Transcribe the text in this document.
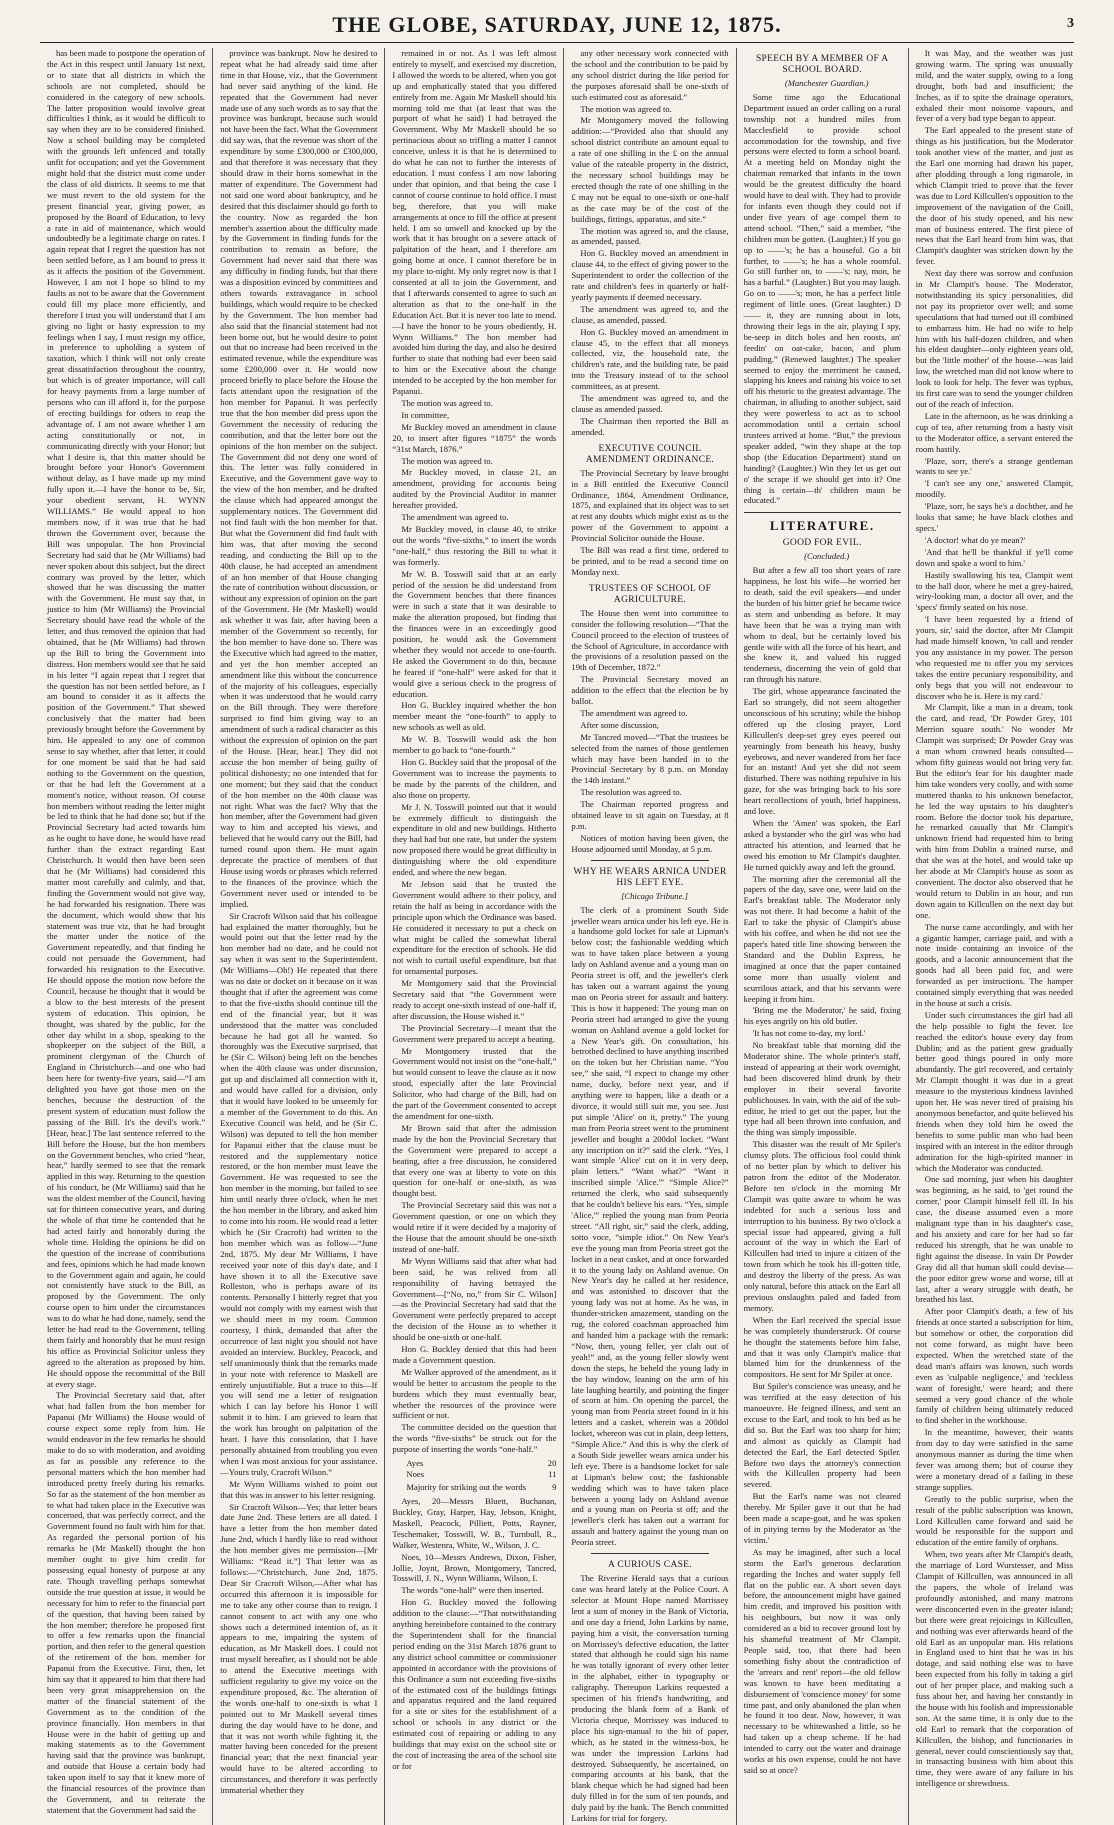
THE GLOBE, SATURDAY, JUNE 12, 1875.	3

has been made to postpone the operation of the Act in this respect until January 1st next, or to state that all districts in which the schools are not completed, should be considered in the category of new schools. The latter proposition would involve great difficulties I think, as it would be difficult to say when they are to be considered finished. Now a school building may be completed with the grounds left unfenced and totally unfit for occupation; and yet the Government might hold that the district must come under the class of old districts. It seems to me that we must revert to the old system for the present financial year, giving power, as proposed by the Board of Education, to levy a rate in aid of maintenance, which would undoubtedly be a legitimate charge on rates. I again repeat that I regret the question has not been settled before, as I am bound to press it as it affects the position of the Government. However, I am not I hope so blind to my faults as not to be aware that the Government could fill my place more efficiently, and therefore I trust you will understand that I am giving no light or hasty expression to my feelings when I say, I must resign my office, in preference to upholding a system of taxation, which I think will not only create great dissatisfaction throughout the country, but which is of greater importance, will call for heavy payments from a large number of persons who can ill afford it, for the purpose of erecting buildings for others to reap the advantage of. I am not aware whether I am acting constitutionally or not, in communicating directly with your Honor; but what I desire is, that this matter should be brought before your Honor's Government without delay, as I have made up my mind fully upon it.—I have the honor to be, Sir, your obedient servant, H. WYNN WILLIAMS.” He would appeal to hon members now, if it was true that he had thrown the Government over, because the Bill was unpopular. The hon Provincial Secretary had said that he (Mr Williams) had never spoken about this subject, but the direct contrary was proved by the letter, which showed that he was discussing the matter with the Government. He must say that, in justice to him (Mr Williams) the Provincial Secretary should have read the whole of the letter, and thus removed the opinion that had obtained, that he (Mr Williams) had thrown up the Bill to bring the Government into distress. Hon members would see that he said in his letter “I again repeat that I regret that the question has not been settled before, as I am bound to consider it as it affects the position of the Government.” That shewed conclusively that the matter had been previously brought before the Government by him. He appealed to any one of common sense to say whether, after that letter, it could for one moment be said that he had said nothing to the Government on the question, or that he had left the Government at a moment's notice, without reason. Of course hon members without reading the letter might be led to think that he had done so; but if the Provincial Secretary had acted towards him as he ought to have done, he would have read further than the extract regarding East Christchurch. It would then have been seen that he (Mr Williams) had considered this matter most carefully and calmly, and that, finding the Government would not give way, he had forwarded his resignation. There was the document, which would show that his statement was true viz, that he had brought the matter under the notice of the Government repeatedly, and that finding he could not persuade the Government, had forwarded his resignation to the Executive. He should oppose the motion now before the Council, because he thought that it would be a blow to the best interests of the present system of education. This opinion, he thought, was shared by the public, for the other day whilst in a shop, speaking to the shopkeeper on the subject of the Bill, a prominent clergyman of the Church of England in Christchurch—and one who had been here for twenty-five years, said—“I am delighted you have got those men on the benches, because the destruction of the present system of education must follow the passing of the Bill. It's the devil's work.” [Hear, hear.] The last sentence referred to the Bill before the House, but the hon members on the Government benches, who cried “hear, hear,” hardly seemed to see that the remark applied in this way. Returning to the question of his conduct, he (Mr Williams) said that he was the oldest member of the Council, having sat for thirteen consecutive years, and during the whole of that time he contended that he had acted fairly and honorably during the whole time. Holding the opinions he did on the question of the increase of contributions and fees, opinions which he had made known to the Government again and again, he could not consistently have stuck to the Bill, as proposed by the Government. The only course open to him under the circumstances was to do what he had done, namely, send the letter he had read to the Government, telling them fairly and honorably that he must resign his office as Provincial Solicitor unless they agreed to the alteration as proposed by him. He should oppose the recommittal of the Bill at every stage.

The Provincial Secretary said that, after what had fallen from the hon member for Papanui (Mr Williams) the House would of course expect some reply from him. He would endeavor in the few remarks he should make to do so with moderation, and avoiding as far as possible any reference to the personal matters which the hon member had introduced pretty freely during his remarks. So far as the statement of the hon member as to what had taken place in the Executive was concerned, that was perfectly correct, and the Government found no fault with him for that. As regarded the personal portion of his remarks he (Mr Maskell) thought the hon member ought to give him credit for possessing equal honesty of purpose at any rate. Though travelling perhaps somewhat outside the true question at issue, it would be necessary for him to refer to the financial part of the question, that having been raised by the hon member; therefore he proposed first to offer a few remarks upon the financial portion, and then refer to the general question of the retirement of the hon. member for Papanui from the Executive. First, then, let him say that it appeared to him that there had been very great misapprehension on the matter of the financial statement of the Government as to the condition of the province financially. Hon members in that House were in the habit of getting up and making statements as to the Government having said that the province was bankrupt, and outside that House a certain body had taken upon itself to say that it knew more of the financial resources of the province than the Government, and to reiterate the statement that the Government had said the

province was bankrupt. Now he desired to repeat what he had already said time after time in that House, viz., that the Government had never said anything of the kind. He repeated that the Government had never made use of any such words as to say that the province was bankrupt, because such would not have been the fact. What the Government did say was, that the revenue was short of the expenditure by some £300,000 or £300,000, and that therefore it was necessary that they should draw in their horns somewhat in the matter of expenditure. The Government had not said one word about bankruptcy, and he desired that this disclaimer should go forth to the country. Now as regarded the hon member's assertion about the difficulty made by the Government in finding funds for the contribution to remain as before, the Government had never said that there was any difficulty in finding funds, but that there was a disposition evinced by committees and others towards extravagance in school buildings, which would require to be checked by the Government. The hon member had also said that the financial statement had not been borne out, but he would desire to point out that no increase had been received in the estimated revenue, while the expenditure was some £200,000 over it. He would now proceed briefly to place before the House the facts attendant upon the resignation of the hon member for Papanui. It was perfectly true that the hon member did press upon the Government the necessity of reducing the contribution, and that the letter bore out the opinions of the hon member on the subject. The Government did not deny one word of this. The letter was fully considered in Executive, and the Government gave way to the view of the hon member, and he drafted the clause which had appeared amongst the supplementary notices. The Government did not find fault with the hon member for that. But what the Government did find fault with him was, that after moving the second reading, and conducting the Bill up to the 40th clause, he had accepted an amendment of an hon member of that House changing the rate of contribution without discussion, or without any expression of opinion on the part of the Government. He (Mr Maskell) would ask whether it was fair, after having been a member of the Government so recently, for the hon member to have done so. There was the Executive which had agreed to the matter, and yet the hon member accepted an amendment like this without the concurrence of the majority of his colleagues, especially when it was understood that he would carry on the Bill through. They were therefore surprised to find him giving way to an amendment of such a radical character as this without the expression of opinion on the part of the House. [Hear, hear.] They did not accuse the hon member of being guilty of political dishonesty; no one intended that for one moment; but they said that the conduct of the hon member on the 40th clause was not right. What was the fact? Why that the hon member, after the Government had given way to him and accepted his views, and believed that he would carry out the Bill, had turned round upon them. He must again deprecate the practice of members of that House using words or phrases which referred to the finances of the province which the Government never used or intended to be implied.

Sir Cracroft Wilson said that his colleague had explained the matter thoroughly, but he would point out that the letter read by the hon member had no date, and he could not say when it was sent to the Superintendent. (Mr Williams—Oh!) He repeated that there was no date or docket on it because on it was thought that if after the agreement was come to that the five-sixths should continue till the end of the financial year, but it was understood that the matter was concluded because he had got all he wanted. So thoroughly was the Executive surprised, that he (Sir C. Wilson) being left on the benches when the 40th clause was under discussion, got up and disclaimed all connection with it, and would have called for a division, only that it would have looked to be unseemly for a member of the Government to do this. An Executive Council was held, and he (Sir C. Wilson) was deputed to tell the hon member for Papanui either that the clause must be restored and the supplementary notice restored, or the hon member must leave the Government. He was requested to see the hon member in the morning, but failed to see him until nearly three o'clock, when he met the hon member in the library, and asked him to come into his room. He would read a letter which he (Sir Cracroft) had written to the hon member which was as follow—“June 2nd, 1875. My dear Mr Williams, I have received your note of this day's date, and I have shown it to all the Executive save Rolleston, who is perhaps aware of its contents. Personally I bitterly regret that you would not comply with my earnest wish that we should meet in my room. Common courtesy, I think, demanded that after the occurrence of last night you should not have avoided an interview. Buckley, Peacock, and self unanimously think that the remarks made in your note with reference to Maskell are entirely unjustifiable. But a truce to this—If you will send me a letter of resignation which I can lay before his Honor I will submit it to him. I am grieved to learn that the work has brought on palpitation of the heart. I have this consolation, that I have personally abstained from troubling you even when I was most anxious for your assistance.—Yours truly, Cracroft Wilson.”

Mr Wynn Williams wished to point out that this was in answer to his letter resigning.

Sir Cracroft Wilson—Yes; that letter bears date June 2nd. These letters are all dated. I have a letter from the hon member dated June 2nd, which I hardly like to read without the hon member gives me permission—[Mr Williams: “Read it.”] That letter was as follows:—“Christchurch, June 2nd, 1875. Dear Sir Cracroft Wilson,—After what has occurred this afternoon it is impossible for me to take any other course than to resign. I cannot consent to act with any one who shows such a determined intention of, as it appears to me, impairing the system of education, as Mr Maskell does. I could not trust myself hereafter, as I should not be able to attend the Executive meetings with sufficient regularity to give my voice on the expenditure proposed, &c. The alteration of the words one-half to one-sixth is what I pointed out to Mr Maskell several times during the day would have to be done, and that it was not worth while fighting it, the matter having been conceded for the present financial year; that the next financial year would have to be altered according to circumstances, and therefore it was perfectly immaterial whether they

remained in or not. As I was left almost entirely to myself, and exercised my discretion, I allowed the words to be altered, when you got up and emphatically stated that you differed entirely from me. Again Mr Maskell should his morning told me that (at least that was the purport of what he said) I had betrayed the Government. Why Mr Maskell should be so pertinacious about so trifling a matter I cannot conceive, unless it is that he is determined to do what he can not to further the interests of education. I must confess I am now laboring under that opinion, and that being the case I cannot of course continue to hold office. I must beg, therefore, that you will make arrangements at once to fill the office at present held. I am so unwell and knocked up by the work that it has brought on a severe attack of palpitation of the heart, and I therefore am going home at once. I cannot therefore be in my place to-night. My only regret now is that I consented at all to join the Government, and that I afterwards consented to agree to such an alteration as that to the one-half in the Education Act. But it is never too late to mend.—I have the honor to be yours obediently, H. Wynn Williams.” The hon member had avoided him during the day, and also he desired further to state that nothing had ever been said to him or the Executive about the change intended to be accepted by the hon member for Papanui.

The motion was agreed to.

In committee,

Mr Buckley moved an amendment in clause 20, to insert after figures “1875” the words “31st March, 1876.”

The motion was agreed to.

Mr Buckley moved, in clause 21, an amendment, providing for accounts being audited by the Provincial Auditor in manner hereafter provided.

The amendment was agreed to.

Mr Buckley moved, in clause 40, to strike out the words “five-sixths,” to insert the words “one-half,” thus restoring the Bill to what it was formerly.

Mr W. B. Tosswill said that at an early period of the session he did understand from the Government benches that there finances were in such a state that it was desirable to make the alteration proposed, but finding that the finances were in an exceedingly good position, he would ask the Government whether they would not accede to one-fourth. He asked the Government to do this, because he feared if “one-half” were asked for that it would give a serious check to the progress of education.

Hon G. Buckley inquired whether the hon member meant the “one-fourth” to apply to new schools as well as old.

Mr W. B. Tosswill would ask the hon member to go back to “one-fourth.”

Hon G. Buckley said that the proposal of the Government was to increase the payments to be made by the parents of the children, and also those on property.

Mr J. N. Tosswill pointed out that it would be extremely difficult to distinguish the expenditure in old and new buildings. Hitherto they had had but one rate, but under the system now proposed there would be great difficulty in distinguishing where the old expenditure ended, and where the new began.

Mr Jebson said that he trusted the Government would adhere to their policy, and retain the half as being in accordance with the principle upon which the Ordinance was based. He considered it necessary to put a check on what might be called the somewhat liberal expenditure for the erection of schools. He did not wish to curtail useful expenditure, but that for ornamental purposes.

Mr Montgomery said that the Provincial Secretary said that “the Government were ready to accept one-sixth instead of one-half if, after discussion, the House wished it.”

The Provincial Secretary—I meant that the Government were prepared to accept a beating.

Mr Montgomery trusted that the Government would not insist on the “one-half,” but would consent to leave the clause as it now stood, especially after the late Provincial Solicitor, who had charge of the Bill, had on the part of the Government consented to accept the amendment for one-sixth.

Mr Brown said that after the admission made by the hon the Provincial Secretary that the Government were prepared to accept a beating, after a free discussion, he considered that every one was at liberty to vote on this question for one-half or one-sixth, as was thought best.

The Provincial Secretary said this was not a Government question, or one on which they would retire if it were decided by a majority of the House that the amount should be one-sixth instead of one-half.

Mr Wynn Williams said that after what had been said, he was relived from all responsibility of having betrayed the Government—[“No, no,” from Sir C. Wilson]—as the Provincial Secretary had said that the Government were perfectly prepared to accept the decision of the House as to whether it should be one-sixth or one-half.

Hon G. Buckley denied that this had been made a Government question.

Mr Walker approved of the amendment, as it would be better to accustom the people to the burdens which they must eventually bear, whether the resources of the province were sufficient or not.

The committee decided on the question that the words “five-sixths” be struck out for the purpose of inserting the words “one-half.”

Ayes	20
Noes	11
Majority for striking out the words	9

Ayes, 20—Messrs Bluett, Buchanan, Buckley, Gray, Harper, Hay, Jebson, Knight, Maskell, Peacock, Pilliett, Potts, Rayner, Teschemaker, Tosswill, W. B., Turnbull, R., Walker, Westenra, White, W., Wilson, J. C.

Noes, 10—Messrs Andrews, Dixon, Fisher, Jollie, Joynt, Brown, Montgomery, Tancred, Tosswill, J. N., Wynn Williams, Wilson, I.

The words “one-half” were then inserted.

Hon G. Buckley moved the following addition to the clause:—“That notwithstanding anything hereinbefore contained to the contrary the Superintendent shall for the financial period ending on the 31st March 1876 grant to any district school committee or commissioner appointed in accordance with the provisions of this Ordinance a sum not exceeding five-sixths of the estimated cost of the buildings fittings and apparatus required and the land required for a site or sites for the establishment of a school or schools in any district or the estimated cost of repairing or adding to any buildings that may exist on the school site or the cost of increasing the area of the school site or for

any other necessary work connected with the school and the contribution to be paid by any school district during the like period for the purposes aforesaid shall be one-sixth of such estimated cost as aforesaid.”

The motion was agreed to.

Mr Montgomery moved the following addition:—“Provided also that should any school district contribute an amount equal to a rate of one shilling in the £ on the annual value of the rateable property in the district, the necessary school buildings may be erected though the rate of one shilling in the £ may not be equal to one-sixth or one-half as the case may be of the cost of the buildings, fittings, apparatus, and site.”

The motion was agreed to, and the clause, as amended, passed.

Hon G. Buckley moved an amendment in clause 44, to the effect of giving power to the Superintendent to order the collection of the rate and children's fees in quarterly or half-yearly payments if deemed necessary.

The amendment was agreed to, and the clause, as amended, passed.

Hon G. Buckley moved an amendment in clause 45, to the effect that all moneys collected, viz, the household rate, the children's rate, and the building rate, be paid into the Treasury instead of to the school committees, as at present.

The amendment was agreed to, and the clause as amended passed.

The Chairman then reported the Bill as amended.

EXECUTIVE COUNCIL AMENDMENT ORDINANCE.

The Provincial Secretary by leave brought in a Bill entitled the Executive Council Ordinance, 1864, Amendment Ordinance, 1875, and explained that its object was to set at rest any doubts which might exist as to the power of the Government to appoint a Provincial Solicitor outside the House.

The Bill was read a first time, ordered to be printed, and to be read a second time on Monday next.

TRUSTEES OF SCHOOL OF AGRICULTURE.

The House then went into committee to consider the following resolution—“That the Council proceed to the election of trustees of the School of Agriculture, in accordance with the provisions of a resolution passed on the 19th of December, 1872.”

The Provincial Secretary moved an addition to the effect that the election be by ballot.

The amendment was agreed to.

After some discussion,

Mr Tancred moved—“That the trustees be selected from the names of those gentlemen which may have been handed in to the Provincial Secretary by 8 p.m. on Monday the 14th instant.”

The resolution was agreed to.

The Chairman reported progress and obtained leave to sit again on Tuesday, at 8 p.m.

Notices of motion having been given, the House adjourned until Monday, at 5 p.m.

WHY HE WEARS ARNICA UNDER HIS LEFT EYE.

[Chicago Tribune.]

The clerk of a prominent South Side jeweller wears arnica under his left eye. He is a handsome gold locket for sale at Lipman's below cost; the fashionable wedding which was to have taken place between a young lady on Ashland avenue and a young man on Peoria street is off, and the jeweller's clerk has taken out a warrant against the young man on Peoria street for assault and battery. This is how it happened: The young man on Peoria street had arranged to give the young woman on Ashland avenue a gold locket for a New Year's gift. On consultation, his betrothed declined to have anything inscribed on the token but her Christian name. “You see,” she said, “I expect to change my other name, ducky, before next year, and if anything were to happen, like a death or a divorce, it would still suit me, you see. Just put simple 'Alice' on it, pretty.” The young man from Peoria street went to the prominent jeweller and bought a 200dol locket. “Want any inscription on it?” said the clerk. “Yes, I want simple 'Alice' cut on it in very deep, plain letters.” “Want what?” “Want it inscribed simple 'Alice.'” “Simple Alice?” returned the clerk, who said subsequently that he couldn't believe his ears. “Yes, simple 'Alice,'” replied the young man from Peoria street. “All right, sir,” said the clerk, adding, sotto voce, “simple idiot.” On New Year's eve the young man from Peoria street got the locket in a neat casket, and at once forwarded it to the young lady on Ashland avenue. On New Year's day he called at her residence, and was astonished to discover that the young lady was not at home. As he was, in thunder-stricken amazement, standing on the rug, the colored coachman approached him and handed him a package with the remark: “Now, then, young feller, yer clah out of yeah!” and, as the young feller slowly went down the steps, he beheld the young lady in the bay window, leaning on the arm of his late laughing heartily, and pointing the finger of scorn at him. On opening the parcel, the young man from Peoria street found in it his letters and a casket, wherein was a 200dol locket, whereon was cut in plain, deep letters, “Simple Alice.” And this is why the clerk of a South Side jeweller wears arnica under his left eye. There is a handsome locket for sale at Lipman's below cost; the fashionable wedding which was to have taken place between a young lady on Ashland avenue and a young man on Peoria st off; and the jeweller's clerk has taken out a warrant for assault and battery against the young man on Peoria street.

A CURIOUS CASE.

The Riverine Herald says that a curious case was heard lately at the Police Court. A selector at Mount Hope named Morrissey lent a sum of money in the Bank of Victoria, and one day a friend, John Larkins by name, paying him a visit, the conversation turning on Morrissey's defective education, the latter stated that although he could sign his name he was totally ignorant of every other letter in the alphabet, either in typography or caligraphy. Thereupon Larkins requested a specimen of his friend's handwriting, and producing the blank form of a Bank of Victoria cheque, Morrissey was induced to place his sign-manual to the bit of paper, which, as he stated in the witness-box, he was under the impression Larkins had destroyed. Subsequently, he ascertained, on comparing accounts at his bank, that the blank cheque which he had signed had been duly filled in for the sum of ten pounds, and duly paid by the bank. The Bench committed Larkins for trial for forgery.

SPEECH BY A MEMBER OF A SCHOOL BOARD.

(Manchester Guardian.)

Some time ago the Educational Department issued an order calling on a rural township not a hundred miles from Macclesfield to provide school accommodation for the township, and five persons were elected to form a school board. At a meeting held on Monday night the chairman remarked that infants in the town would be the greatest difficulty the board would have to deal with. They had to provide for infants even though they could not if under five years of age compel them to attend school. “Then,” said a member, “the children mun be gotten. (Laughter.) If you go up to ——'s; he has a houseful. Go a bit further, to ——'s; he has a whole roomful. Go still further on, to ——'s; nay, mon, he has a barful.” (Laughter.) But you may laugh. Go on to ——'s; mon, he has a perfect little regiment of little ones. (Great laughter.) D—— it, they are running about in lots, throwing their legs in the air, playing I spy, be-seep in ditch holes and hen roosts, an' feedin' on oat-cake, bacon, and plum pudding.” (Renewed laughter.) The speaker seemed to enjoy the merriment he caused, slapping his knees and raising his voice to set off his rhetoric to the greatest advantage. The chairman, in alluding to another subject, said they were powerless to act as to school accommodation until a certain school trustees arrived at home. “But,” the previous speaker added, “win they shape at the top shop (the Education Department) stand on handing? (Laughter.) Win they let us get out o' the scrape if we should get into it? One thing is certain—th' children maun be educated.”

LITERATURE.
GOOD FOR EVIL.

(Concluded.)

But after a few all too short years of rare happiness, he lost his wife—he worried her to death, said the evil speakers—and under the burden of his bitter grief he became twice as stern and unbending as before. It may have been that he was a trying man with whom to deal, but he certainly loved his gentle wife with all the force of his heart, and she knew it, and valued his rugged tenderness, discerning the vein of gold that ran through his nature.

The girl, whose appearance fascinated the Earl so strangely, did not seem altogether unconscious of his scrutiny; while the bishop offered up the closing prayer, Lord Killcullen's deep-set grey eyes peered out yearningly from beneath his heavy, bushy eyebrows, and never wandered from her face for an instant! And yet she did not seem disturbed. There was nothing repulsive in his gaze, for she was bringing back to his sore heart recollections of youth, brief happiness, and love.

When the 'Amen' was spoken, the Earl asked a bystander who the girl was who had attracted his attention, and learned that he owed his emotion to Mr Clampit's daughter. He turned quickly away and left the ground.

The morning after the ceremonial all the papers of the day, save one, were laid on the Earl's breakfast table. The Moderator only was not there. It had become a habit of the Earl to take the physic of Clampit's abuse with his coffee, and when he did not see the paper's hated title line showing between the Standard and the Dublin Express, he imagined at once that the paper contained some more than usually violent and scurrilous attack, and that his servants were keeping it from him.

'Bring me the Moderator,' he said, fixing his eyes angrily on his old butler.

'It has not come to-day, my lord.'

No breakfast table that morning did the Moderator shine. The whole printer's staff, instead of appearing at their work overnight, had been discovered blind drunk by their employer in their several favorite publichouses. In vain, with the aid of the sub-editor, he tried to get out the paper, but the type had all been thrown into confusion, and the thing was simply impossible.

This disaster was the result of Mr Spiler's clumsy plots. The officious fool could think of no better plan by which to deliver his patron from the editor of the Moderator. Before ten o'clock in the morning Mr Clampit was quite aware to whom he was indebted for such a serious loss and interruption to his business. By two o'clock a special issue had appeared, giving a full account of the way in which the Earl of Killcullen had tried to injure a citizen of the town from which he took his ill-gotten title, and destroy the liberty of the press. As was only natural, before this attack on the Earl all previous onslaughts paled and faded from memory.

When the Earl received the special issue he was completely thunderstruck. Of course he thought the statements before him false, and that it was only Clampit's malice that blamed him for the drunkenness of the compositors. He sent for Mr Spiler at once.

But Spiler's conscience was uneasy, and he was terrified at the easy detection of his manoeuvre. He feigned illness, and sent an excuse to the Earl, and took to his bed as he did so. But the Earl was too sharp for him; and almost as quickly as Clampit had detected the Earl, the Earl detected Spiler. Before two days the attorney's connection with the Killcullen property had been severed.

But the Earl's name was not cleared thereby. Mr Spiler gave it out that he had been made a scape-goat, and he was spoken of in pitying terms by the Moderator as 'the victim.'

As may be imagined, after such a local storm the Earl's generous declaration regarding the Inches and water supply fell flat on the public ear. A short seven days before, the announcement might have gained him credit, and improved his position with his neighbours, but now it was only considered as a bid to recover ground lost by his shameful treatment of Mr Clampit. People said, too, that there had been something fishy about the contradiction of the 'arrears and rent' report—the old fellow was known to have been meditating a disbursement of 'conscience money' for some time past, and only abandoned the plan when he found it too dear. Now, however, it was necessary to be whitewashed a little, so he had taken up a cheap scheme. If he had intended to carry out the water and drainage works at his own expense, could he not have said so at once?

It was May, and the weather was just growing warm. The spring was unusually mild, and the water supply, owing to a long drought, both bad and insufficient; the Inches, as if to spite the drainage operators, exhaled their most noisome vapours, and fever of a very bad type began to appear.

The Earl appealed to the present state of things as his justification, but the Moderator took another view of the matter, and just as the Earl one morning had drawn his paper, after plodding through a long rigmarole, in which Clampit tried to prove that the fever was due to Lord Killcullen's opposition to the improvement of the navigation of the Coill, the door of his study opened, and his new man of business entered. The first piece of news that the Earl heard from him was, that Clampit's daughter was stricken down by the fever.

Next day there was sorrow and confusion in Mr Clampit's house. The Moderator, notwithstanding its spicy personalities, did not pay its proprietor over well; and some speculations that had turned out ill combined to embarrass him. He had no wife to help him with his half-dozen children, and when his eldest daughter—only eighteen years old, but the 'little mother' of the house—was laid low, the wretched man did not know where to look to look for help. The fever was typhus, its first care was to send the younger children out of the reach of infection.

Late in the afternoon, as he was drinking a cup of tea, after returning from a hasty visit to the Moderator office, a servant entered the room hastily.

'Plaze, sorr, there's a strange gentleman wants to see ye.'

'I can't see any one,' answered Clampit, moodily.

'Plaze, sorr, he says he's a dochther, and he looks that same; he have black clothes and specs.'

'A doctor! what do ye mean?'

'And that he'll be thankful if ye'll come down and spake a word to him.'

Hastily swallowing his tea, Clampit went to the hall door, where he met a grey-haired, wiry-looking man, a doctor all over, and the 'specs' firmly seated on his nose.

'I have been requested by a friend of yours, sir,' said the doctor, after Mr Clampit had made himself known, 'to call and render you any assistance in my power. The person who requested me to offer you my services takes the entire pecuniary responsibility, and only begs that you will not endeavour to discover who he is. Here is my card.'

Mr Clampit, like a man in a dream, took the card, and read, 'Dr Powder Grey, 101 Merrion square south.' No wonder Mr Clampit was surprised; Dr Powder Gray was a man whom crowned heads consulted—whom fifty guineas would not bring very far. But the editor's fear for his daughter made him take wonders very coolly, and with some muttered thanks to his unknown benefactor, he led the way upstairs to his daughter's room. Before the doctor took his departure, he remarked casually that Mr Clampit's unknown friend had requested him to bring with him from Dublin a trained nurse, and that she was at the hotel, and would take up her abode at Mr Clampit's house as soon as convenient. The doctor also observed that he would return to Dublin in an hour, and run down again to Killcullen on the next day but one.

The nurse came accordingly, and with her a gigantic hamper, carriage paid, and with a note inside containing an invoice of the goods, and a laconic announcement that the goods had all been paid for, and were forwarded as per instructions. The hamper contained simply everything that was needed in the house at such a crisis.

Under such circumstances the girl had all the help possible to fight the fever. Ice reached the editor's house every day from Dublin; and as the patient grew gradually better good things poured in only more abundantly. The girl recovered, and certainly Mr Clampit thought it was due in a great measure to the mysterious kindness lavished upon her. He was never tired of praising his anonymous benefactor, and quite believed his friends when they told him he owed the benefits to some public man who had been inspired with an interest in the editor through admiration for the high-spirited manner in which the Moderator was conducted.

One sad morning, just when his daughter was beginning, as he said, to 'get round the corner,' poor Clampit himself fell ill. In his case, the disease assumed even a more malignant type than in his daughter's case, and his anxiety and care for her had so far reduced his strength, that he was unable to fight against the disease. In vain Dr Powder Gray did all that human skill could devise—the poor editor grew worse and worse, till at last, after a weary struggle with death, he breathed his last.

After poor Clampit's death, a few of his friends at once started a subscription for him, but somehow or other, the corporation did not come forward, as might have been expected. When the wretched state of the dead man's affairs was known, such words even as 'culpable negligence,' and 'reckless want of foresight,' were heard; and there seemed a very good chance of the whole family of children being ultimately reduced to find shelter in the workhouse.

In the meantime, however, their wants from day to day were satisfied in the same anonymous manner as during the time when fever was among them; but of course they were a monetary dread of a failing in these strange supplies.

Greatly to the public surprise, when the result of the public subscription was known, Lord Killcullen came forward and said he would be responsible for the support and education of the entire family of orphans.

When, two years after Mr Clampit's death, the marriage of Lord Wurstesser, and Miss Clampit of Killcullen, was announced in all the papers, the whole of Ireland was profoundly astonished, and many matrons were disconcerted even in the greater island; but there were great rejoicings in Killcullen, and nothing was ever afterwards heard of the old Earl as an unpopular man. His relations in England used to hint that he was in his dotage, and said nothing else was to have been expected from his folly in taking a girl out of her proper place, and making such a fuss about her, and having her constantly in the house with his foolish and impressionable son. At the same time, it is only due to the old Earl to remark that the corporation of Killcullen, the bishop, and functionaries in general, never could conscientiously say that, in transacting business with him about this time, they were aware of any failure in his intelligence or shrewdness.
